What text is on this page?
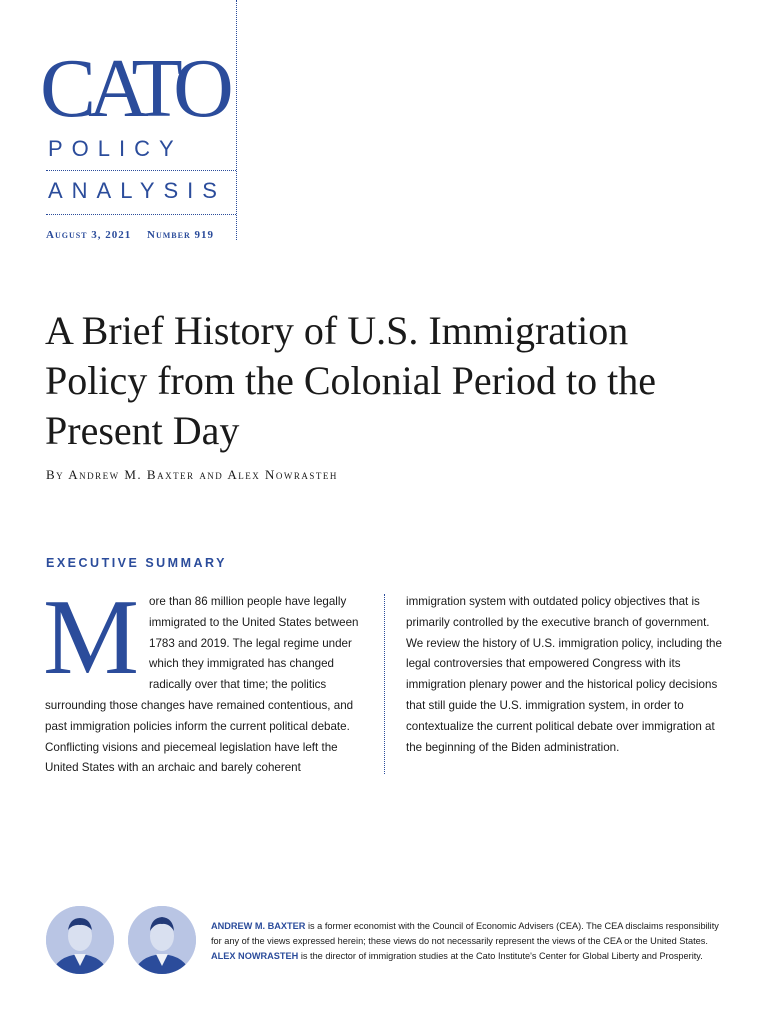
CATO
POLICY
ANALYSIS
August 3, 2021 Number 919
A Brief History of U.S. Immigration Policy from the Colonial Period to the Present Day
By Andrew M. Baxter and Alex Nowrasteh
EXECUTIVE SUMMARY
M ore than 86 million people have legally immigrated to the United States between 1783 and 2019. The legal regime under which they immigrated has changed radically over that time; the politics surrounding those changes have remained contentious, and past immigration policies inform the current political debate. Conflicting visions and piecemeal legislation have left the United States with an archaic and barely coherent
immigration system with outdated policy objectives that is primarily controlled by the executive branch of government. We review the history of U.S. immigration policy, including the legal controversies that empowered Congress with its immigration plenary power and the historical policy decisions that still guide the U.S. immigration system, in order to contextualize the current political debate over immigration at the beginning of the Biden administration.

ANDREW M. BAXTER is a former economist with the Council of Economic Advisers (CEA). The CEA disclaims responsibility for any of the views expressed herein; these views do not necessarily represent the views of the CEA or the United States.

ALEX NOWRASTEH is the director of immigration studies at the Cato Institute's Center for Global Liberty and Prosperity.
